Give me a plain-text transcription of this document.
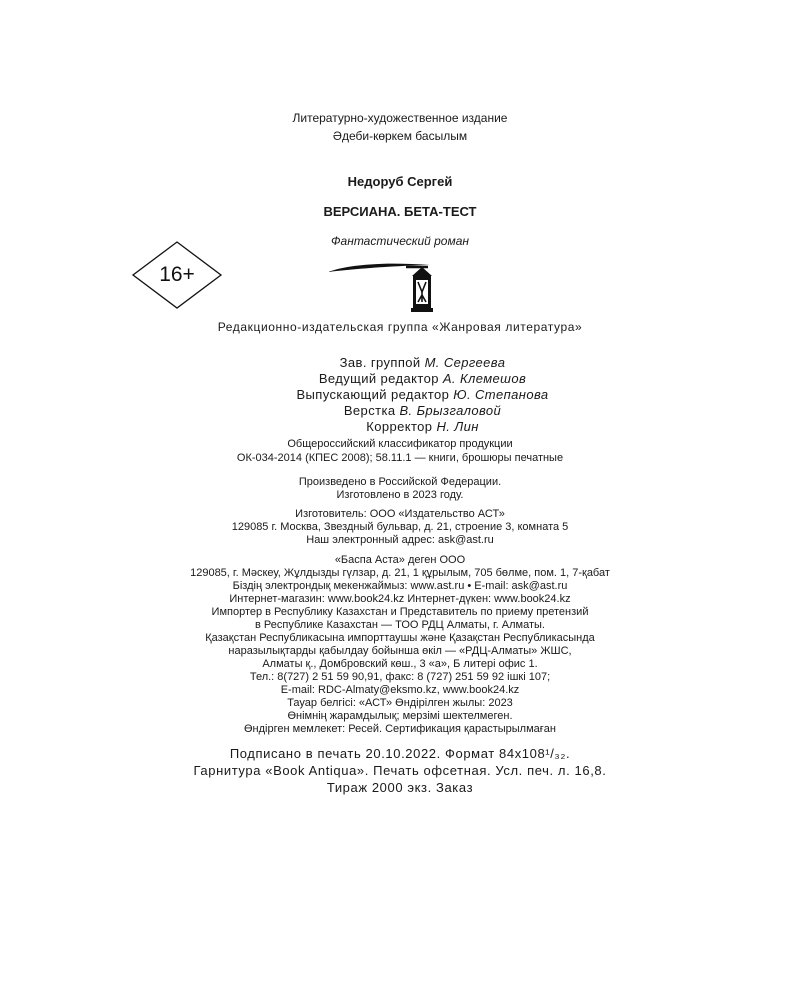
Литературно-художественное издание
Әдеби-көркем басылым
Недоруб Сергей
ВЕРСИАНА. БЕТА-ТЕСТ
Фантастический роман
16+
Редакционно-издательская группа «Жанровая литература»
Зав. группой М. Сергеева
Ведущий редактор А. Клемешов
Выпускающий редактор Ю. Степанова
Верстка В. Брызгаловой
Корректор Н. Лин
Общероссийский классификатор продукции
ОК-034-2014 (КПЕС 2008); 58.11.1 — книги, брошюры печатные
Произведено в Российской Федерации.
Изготовлено в 2023 году.
Изготовитель: ООО «Издательство АСТ»
129085 г. Москва, Звездный бульвар, д. 21, строение 3, комната 5
Наш электронный адрес: ask@ast.ru
«Баспа Аста» деген ООО
129085, г. Мәскеу, Жұлдызды гүлзар, д. 21, 1 құрылым, 705 бөлме, пом. 1, 7-қабат
Біздің электрондық мекенжаймыз: www.ast.ru • E-mail: ask@ast.ru
Интернет-магазин: www.book24.kz Интернет-дүкен: www.book24.kz
Импортер в Республику Казахстан и Представитель по приему претензий
в Республике Казахстан — ТОО РДЦ Алматы, г. Алматы.
Қазақстан Республикасына импорттаушы және Қазақстан Республикасында
наразылықтарды қабылдау бойынша өкіл — «РДЦ-Алматы» ЖШС,
Алматы қ., Домбровский көш., 3 «а», Б литері офис 1.
Тел.: 8(727) 2 51 59 90,91, факс: 8 (727) 251 59 92 ішкі 107;
E-mail: RDC-Almaty@eksmo.kz, www.book24.kz
Тауар белгісі: «АСТ» Өндірілген жылы: 2023
Өнімнің жарамдылық; мерзімі шектелмеген.
Өндірген мемлекет: Ресей. Сертификация қарастырылмаған
Подписано в печать 20.10.2022. Формат 84х108¹/₃₂.
Гарнитура «Book Antiqua». Печать офсетная. Усл. печ. л. 16,8.
Тираж 2000 экз. Заказ
